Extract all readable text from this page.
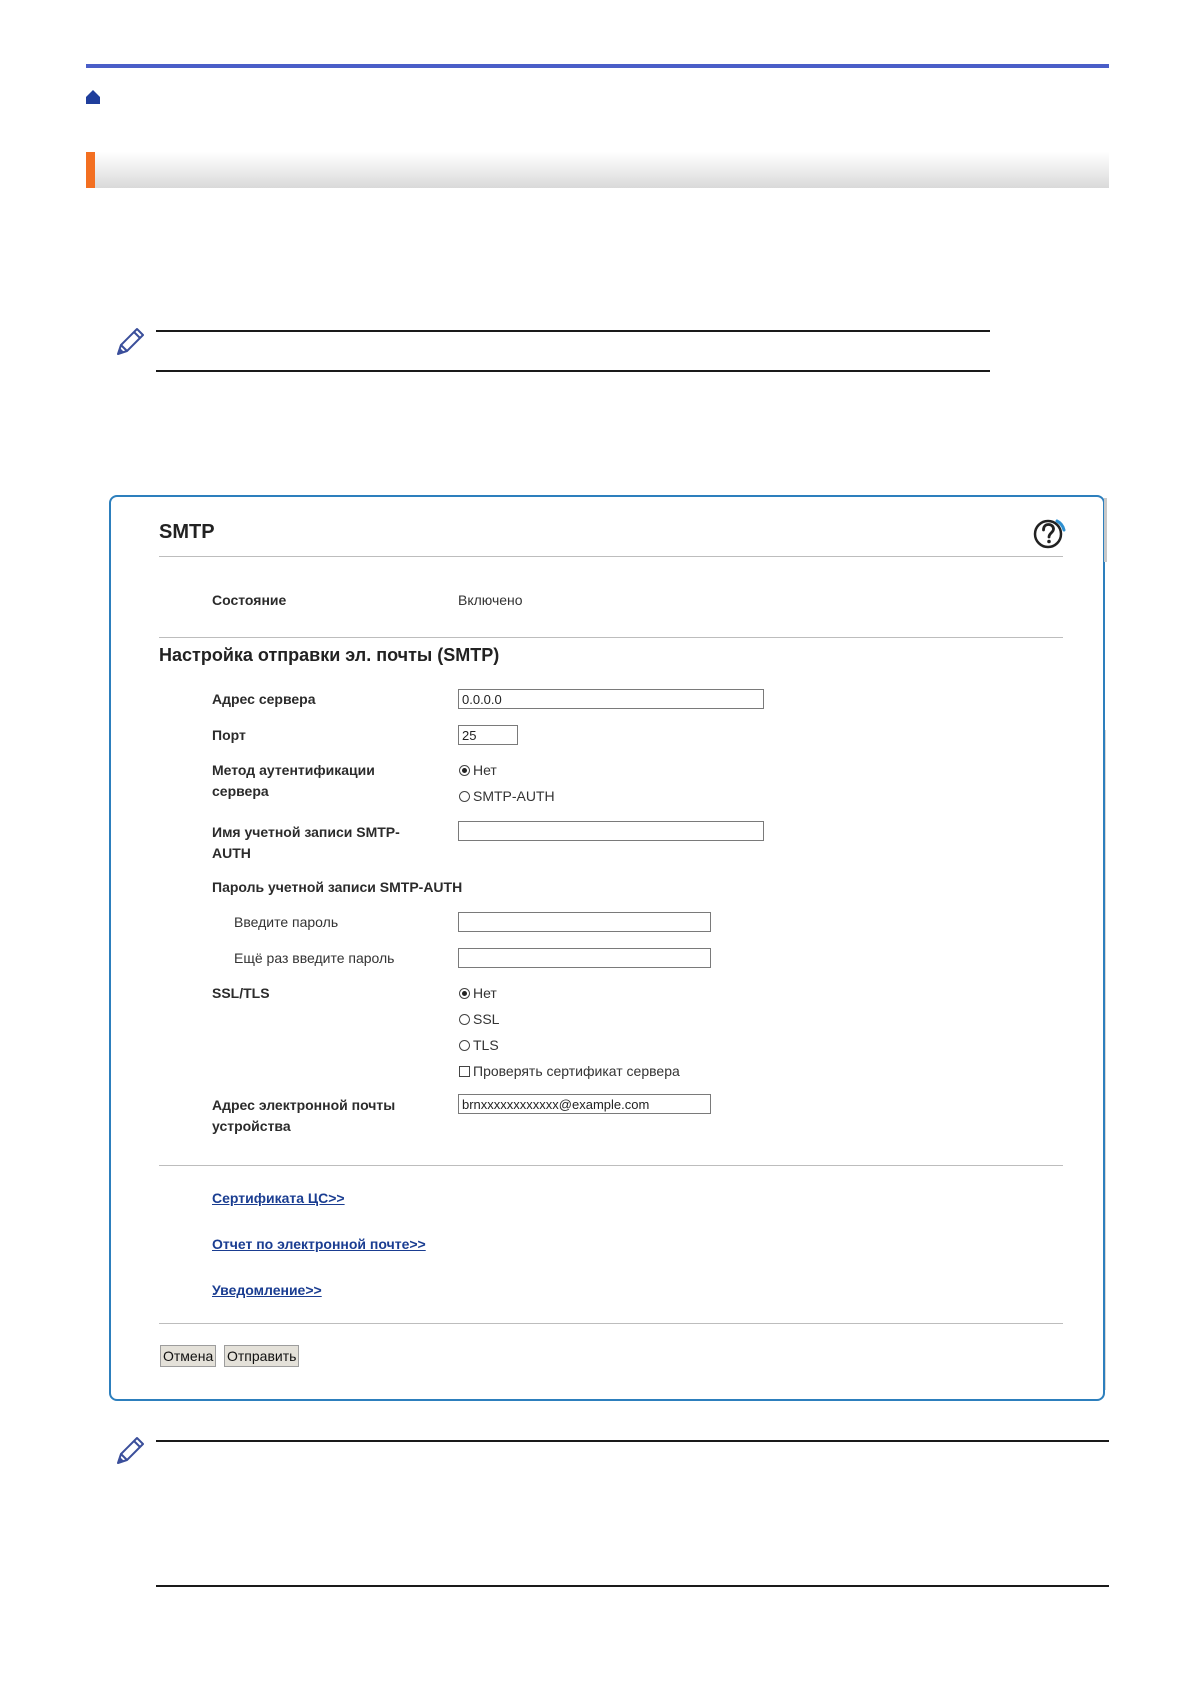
SMTP
Состояние	Включено
Настройка отправки эл. почты (SMTP)
Адрес сервера
0.0.0.0
Порт
25
Метод аутентификации
сервера
Нет
SMTP-AUTH
Имя учетной записи SMTP-
AUTH
Пароль учетной записи SMTP-AUTH
Введите пароль
Ещё раз введите пароль
SSL/TLS	Нет
SSL
TLS
Проверять сертификат сервера
Адрес электронной почты
устройства
brnxxxxxxxxxxxx@example.com
Сертификата ЦС>>
Отчет по электронной почте>>
Уведомление>>
Отмена Отправить
